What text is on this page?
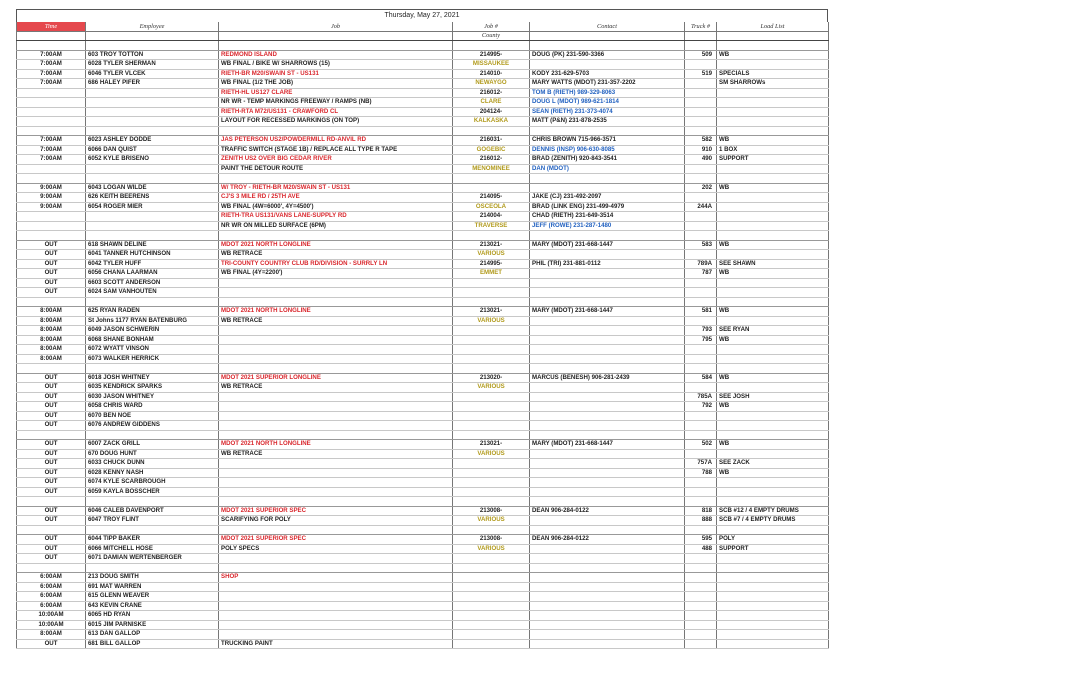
Thursday, May 27, 2021
Time	Employee	Job	Job #	Contact	Truck #	Load List
			County			

7:00AM	603 TROY TOTTON	REDMOND ISLAND	214995-	DOUG (PK) 231-590-3366	509	WB
7:00AM	6028 TYLER SHERMAN	WB FINAL / BIKE W/ SHARROWS (15)	MISSAUKEE			
7:00AM	6046 TYLER VLCEK	RIETH-BR M20/SWAIN ST - US131	214010-	KODY 231-629-5703	519	SPECIALS
7:00AM	686 HALEY PIFER	WB FINAL (1/2 THE JOB)	NEWAYGO	MARY WATTS (MDOT) 231-357-2202		SM SHARROWs
		RIETH-HL US127 CLARE	216012-	TOM B (RIETH) 989-329-8063		
		NR WR - TEMP MARKINGS FREEWAY / RAMPS (NB)	CLARE	DOUG L (MDOT) 989-621-1814		
		RIETH-RTA M72/US131 - CRAWFORD CL	204124-	SEAN (RIETH) 231-373-4074		
		LAYOUT FOR RECESSED MARKINGS (ON TOP)	KALKASKA	MATT (P&N) 231-878-2535		

7:00AM	6023 ASHLEY DODDE	JAS PETERSON US2/POWDERMILL RD-ANVIL RD	216031-	CHRIS BROWN 715-966-3571	582	WB
7:00AM	6066 DAN QUIST	TRAFFIC SWITCH (STAGE 1B) / REPLACE ALL TYPE R TAPE	GOGEBIC	DENNIS (INSP) 906-630-8085	910	1 BOX
7:00AM	6052 KYLE BRISENO	ZENITH US2 OVER BIG CEDAR RIVER	216012-	BRAD (ZENITH) 920-843-3541	490	SUPPORT
		PAINT THE DETOUR ROUTE	MENOMINEE	DAN (MDOT)		

9:00AM	6043 LOGAN WILDE	W/ TROY - RIETH-BR M20/SWAIN ST - US131			202	WB
9:00AM	626 KEITH BEERENS	CJ'S 3 MILE RD / 25TH AVE	214095-	JAKE (CJ) 231-492-2097		
9:00AM	6054 ROGER MIER	WB FINAL (4W=6000', 4Y=4500')	OSCEOLA	BRAD (LINK ENG) 231-499-4979	244A	
		RIETH-TRA US131/VANS LANE-SUPPLY RD	214004-	CHAD (RIETH) 231-649-3514		
		NR WR ON MILLED SURFACE (6PM)	TRAVERSE	JEFF (ROWE) 231-287-1480		

OUT	618 SHAWN DELINE	MDOT 2021 NORTH LONGLINE	213021-	MARY (MDOT) 231-668-1447	583	WB
OUT	6041 TANNER HUTCHINSON	WB RETRACE	VARIOUS			
OUT	6042 TYLER HUFF	TRI-COUNTY COUNTRY CLUB RD/DIVISION - SURRLY LN	214995-	PHIL (TRI) 231-881-0112	789A	SEE SHAWN
OUT	6056 CHANA LAARMAN	WB FINAL (4Y=2200')	EMMET		787	WB
OUT	6603 SCOTT ANDERSON					
OUT	6024 SAM VANHOUTEN					

8:00AM	625 RYAN RADEN	MDOT 2021 NORTH LONGLINE	213021-	MARY (MDOT) 231-668-1447	581	WB
8:00AM	St Johns 1177 RYAN BATENBURG	WB RETRACE	VARIOUS			
8:00AM	6049 JASON SCHWERIN				793	SEE RYAN
8:00AM	6068 SHANE BONHAM				795	WB
8:00AM	6072 WYATT VINSON					
8:00AM	6073 WALKER HERRICK					

OUT	6018 JOSH WHITNEY	MDOT 2021 SUPERIOR LONGLINE	213020-	MARCUS (BENESH) 906-281-2439	584	WB
OUT	6035 KENDRICK SPARKS	WB RETRACE	VARIOUS			
OUT	6030 JASON WHITNEY				785A	SEE JOSH
OUT	6058 CHRIS WARD				792	WB
OUT	6070 BEN NOE					
OUT	6076 ANDREW GIDDENS					

OUT	6007 ZACK GRILL	MDOT 2021 NORTH LONGLINE	213021-	MARY (MDOT) 231-668-1447	502	WB
OUT	670 DOUG HUNT	WB RETRACE	VARIOUS			
OUT	6033 CHUCK DUNN				757A	SEE ZACK
OUT	6028 KENNY NASH				788	WB
OUT	6074 KYLE SCARBROUGH					
OUT	6059 KAYLA BOSSCHER					

OUT	6046 CALEB DAVENPORT	MDOT 2021 SUPERIOR SPEC	213008-	DEAN 906-284-0122	818	SCB #12 / 4 EMPTY DRUMS
OUT	6047 TROY FLINT	SCARIFYING FOR POLY	VARIOUS		888	SCB #7 / 4 EMPTY DRUMS

OUT	6044 TIPP BAKER	MDOT 2021 SUPERIOR SPEC	213008-	DEAN 906-284-0122	595	POLY
OUT	6066 MITCHELL HOSE	POLY SPECS	VARIOUS		488	SUPPORT
OUT	6071 DAMIAN WERTENBERGER					

6:00AM	213 DOUG SMITH	SHOP				
6:00AM	691 MAT WARREN					
6:00AM	615 GLENN WEAVER					
6:00AM	643 KEVIN CRANE					
10:00AM	6065 HD RYAN					
10:00AM	6015 JIM PARNISKE					
8:00AM	613 DAN GALLOP					
OUT	681 BILL GALLOP	TRUCKING PAINT				
